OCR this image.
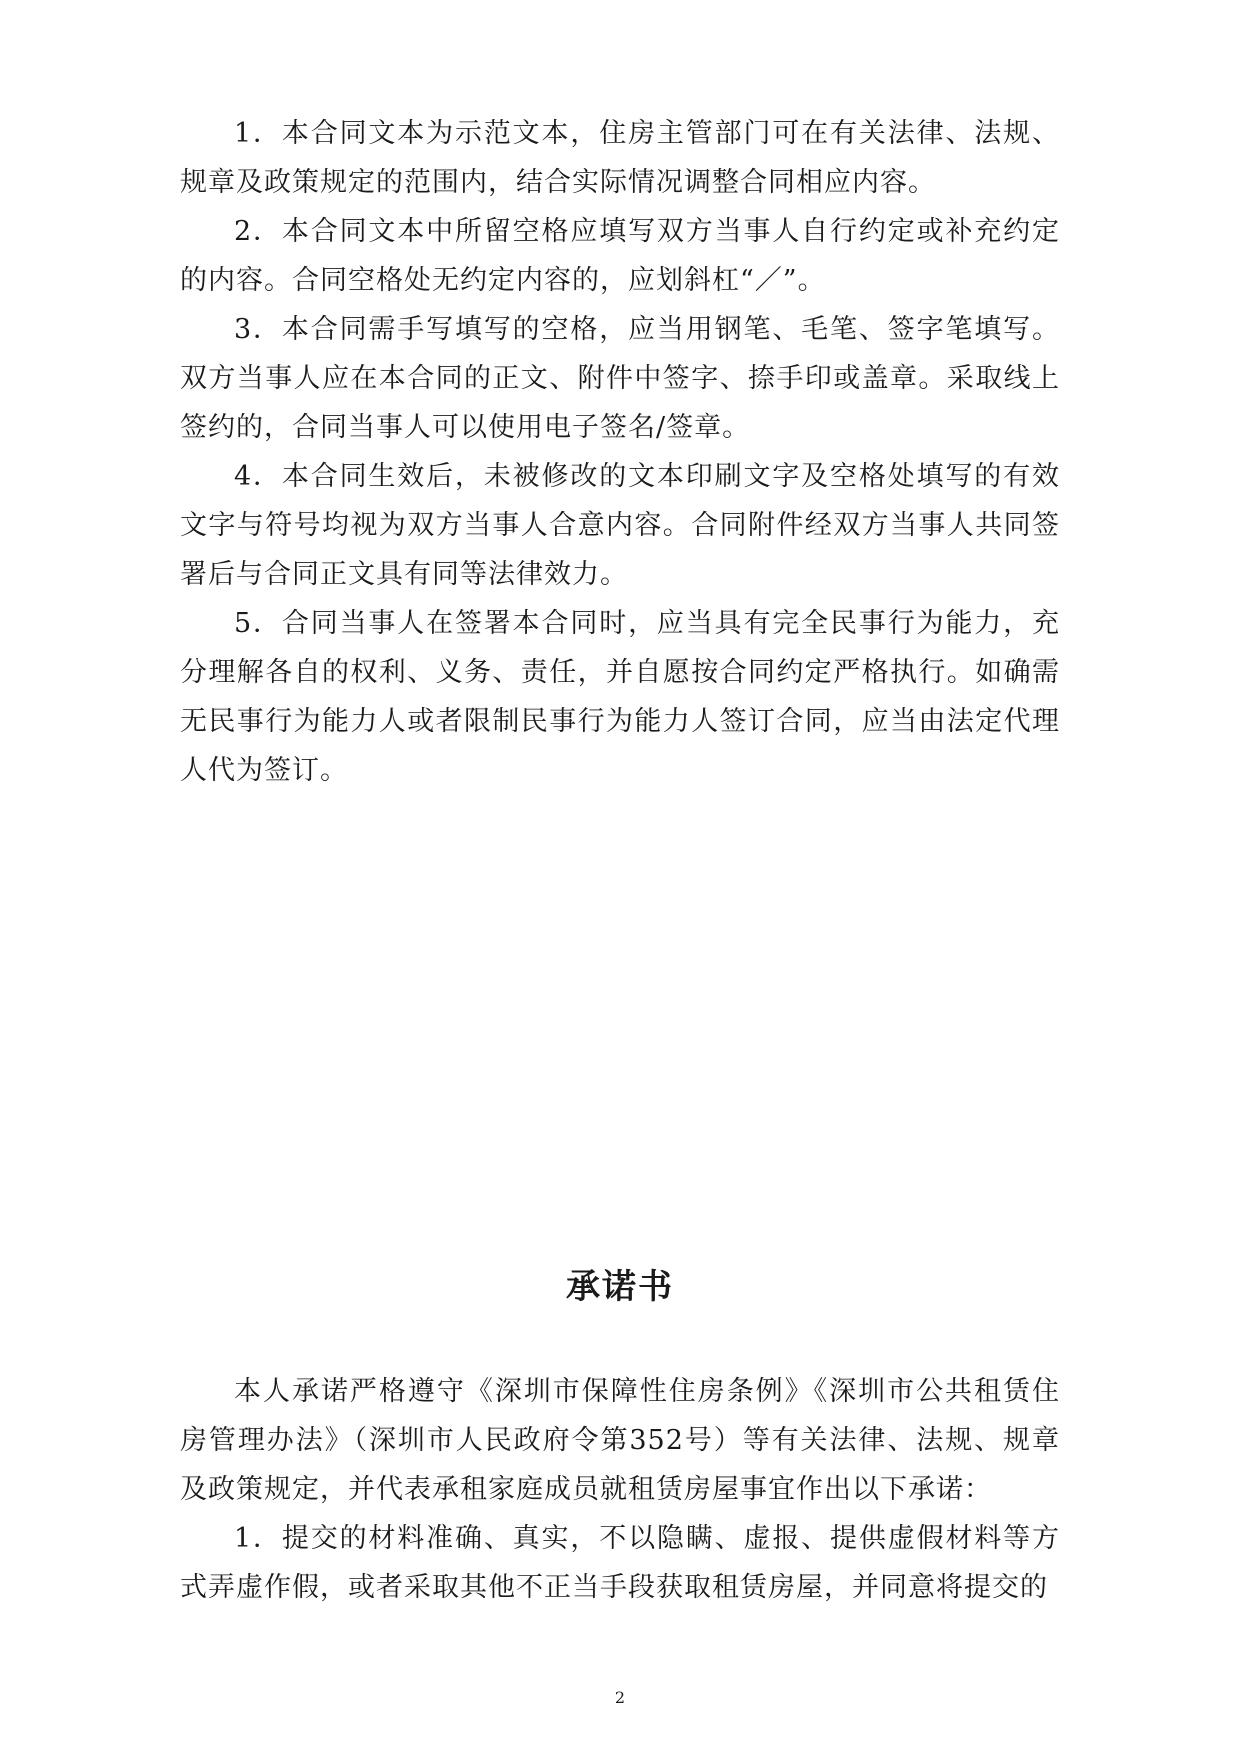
1．本合同文本为示范文本，住房主管部门可在有关法律、法规、规章及政策规定的范围内，结合实际情况调整合同相应内容。

2．本合同文本中所留空格应填写双方当事人自行约定或补充约定的内容。合同空格处无约定内容的，应划斜杠“／”。

3．本合同需手写填写的空格，应当用钢笔、毛笔、签字笔填写。双方当事人应在本合同的正文、附件中签字、捺手印或盖章。采取线上签约的，合同当事人可以使用电子签名/签章。

4．本合同生效后，未被修改的文本印刷文字及空格处填写的有效文字与符号均视为双方当事人合意内容。合同附件经双方当事人共同签署后与合同正文具有同等法律效力。

5．合同当事人在签署本合同时，应当具有完全民事行为能力，充分理解各自的权利、义务、责任，并自愿按合同约定严格执行。如确需无民事行为能力人或者限制民事行为能力人签订合同，应当由法定代理人代为签订。

承诺书

本人承诺严格遵守《深圳市保障性住房条例》《深圳市公共租赁住房管理办法》（深圳市人民政府令第352号）等有关法律、法规、规章及政策规定，并代表承租家庭成员就租赁房屋事宜作出以下承诺：

1．提交的材料准确、真实，不以隐瞒、虚报、提供虚假材料等方式弄虚作假，或者采取其他不正当手段获取租赁房屋，并同意将提交的

2
